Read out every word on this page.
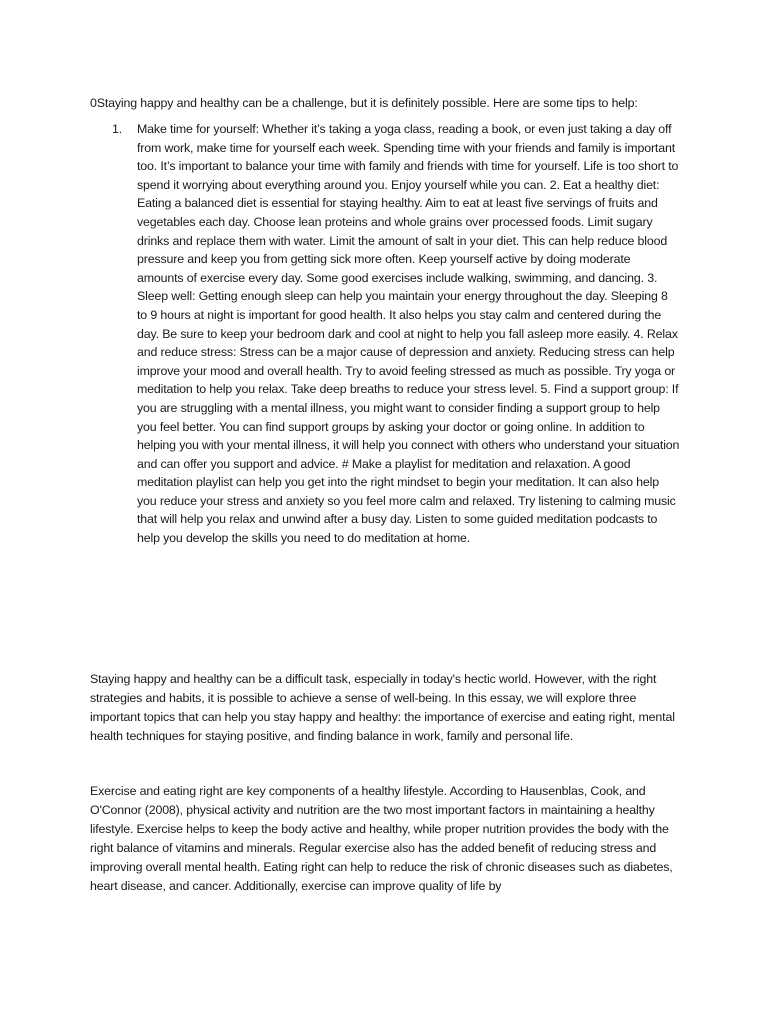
0Staying happy and healthy can be a challenge, but it is definitely possible. Here are some tips to help:

1. Make time for yourself: Whether it’s taking a yoga class, reading a book, or even just taking a day off from work, make time for yourself each week. Spending time with your friends and family is important too. It’s important to balance your time with family and friends with time for yourself. Life is too short to spend it worrying about everything around you. Enjoy yourself while you can. 2. Eat a healthy diet: Eating a balanced diet is essential for staying healthy. Aim to eat at least five servings of fruits and vegetables each day. Choose lean proteins and whole grains over processed foods. Limit sugary drinks and replace them with water. Limit the amount of salt in your diet. This can help reduce blood pressure and keep you from getting sick more often. Keep yourself active by doing moderate amounts of exercise every day. Some good exercises include walking, swimming, and dancing. 3. Sleep well: Getting enough sleep can help you maintain your energy throughout the day. Sleeping 8 to 9 hours at night is important for good health. It also helps you stay calm and centered during the day. Be sure to keep your bedroom dark and cool at night to help you fall asleep more easily. 4. Relax and reduce stress: Stress can be a major cause of depression and anxiety. Reducing stress can help improve your mood and overall health. Try to avoid feeling stressed as much as possible. Try yoga or meditation to help you relax. Take deep breaths to reduce your stress level. 5. Find a support group: If you are struggling with a mental illness, you might want to consider finding a support group to help you feel better. You can find support groups by asking your doctor or going online. In addition to helping you with your mental illness, it will help you connect with others who understand your situation and can offer you support and advice. # Make a playlist for meditation and relaxation. A good meditation playlist can help you get into the right mindset to begin your meditation. It can also help you reduce your stress and anxiety so you feel more calm and relaxed. Try listening to calming music that will help you relax and unwind after a busy day. Listen to some guided meditation podcasts to help you develop the skills you need to do meditation at home.

Staying happy and healthy can be a difficult task, especially in today's hectic world. However, with the right strategies and habits, it is possible to achieve a sense of well-being. In this essay, we will explore three important topics that can help you stay happy and healthy: the importance of exercise and eating right, mental health techniques for staying positive, and finding balance in work, family and personal life.

Exercise and eating right are key components of a healthy lifestyle. According to Hausenblas, Cook, and O'Connor (2008), physical activity and nutrition are the two most important factors in maintaining a healthy lifestyle. Exercise helps to keep the body active and healthy, while proper nutrition provides the body with the right balance of vitamins and minerals. Regular exercise also has the added benefit of reducing stress and improving overall mental health. Eating right can help to reduce the risk of chronic diseases such as diabetes, heart disease, and cancer. Additionally, exercise can improve quality of life by
